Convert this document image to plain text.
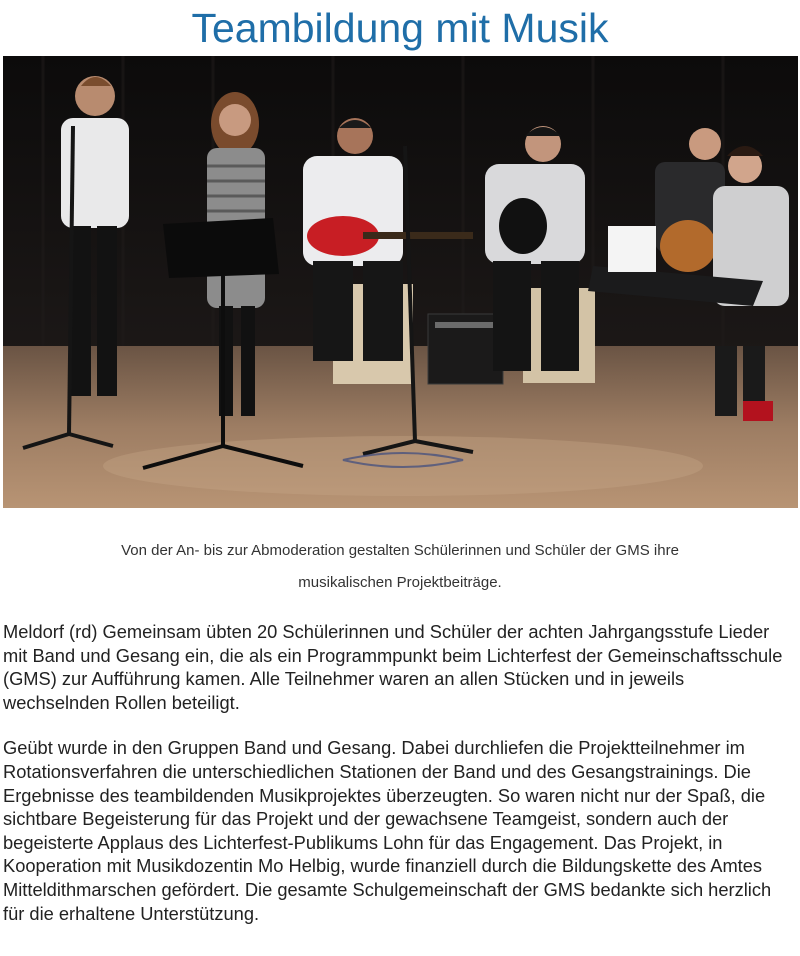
Teambildung mit Musik

Von der An- bis zur Abmoderation gestalten Schülerinnen und Schüler der GMS ihre

musikalischen Projektbeiträge.

Meldorf (rd) Gemeinsam übten 20 Schülerinnen und Schüler der achten Jahrgangsstufe Lieder mit Band und Gesang ein, die als ein Programmpunkt beim Lichterfest der Gemeinschaftsschule (GMS) zur Aufführung kamen. Alle Teilnehmer waren an allen Stücken und in jeweils wechselnden Rollen beteiligt.

Geübt wurde in den Gruppen Band und Gesang. Dabei durchliefen die Projektteilnehmer im Rotationsverfahren die unterschiedlichen Stationen der Band und des Gesangstrainings. Die Ergebnisse des teambildenden Musikprojektes überzeugten. So waren nicht nur der Spaß, die sichtbare Begeisterung für das Projekt und der gewachsene Teamgeist, sondern auch der begeisterte Applaus des Lichterfest-Publikums Lohn für das Engagement. Das Projekt, in Kooperation mit Musikdozentin Mo Helbig, wurde finanziell durch die Bildungskette des Amtes Mitteldithmarschen gefördert. Die gesamte Schulgemeinschaft der GMS bedankte sich herzlich für die erhaltene Unterstützung.
